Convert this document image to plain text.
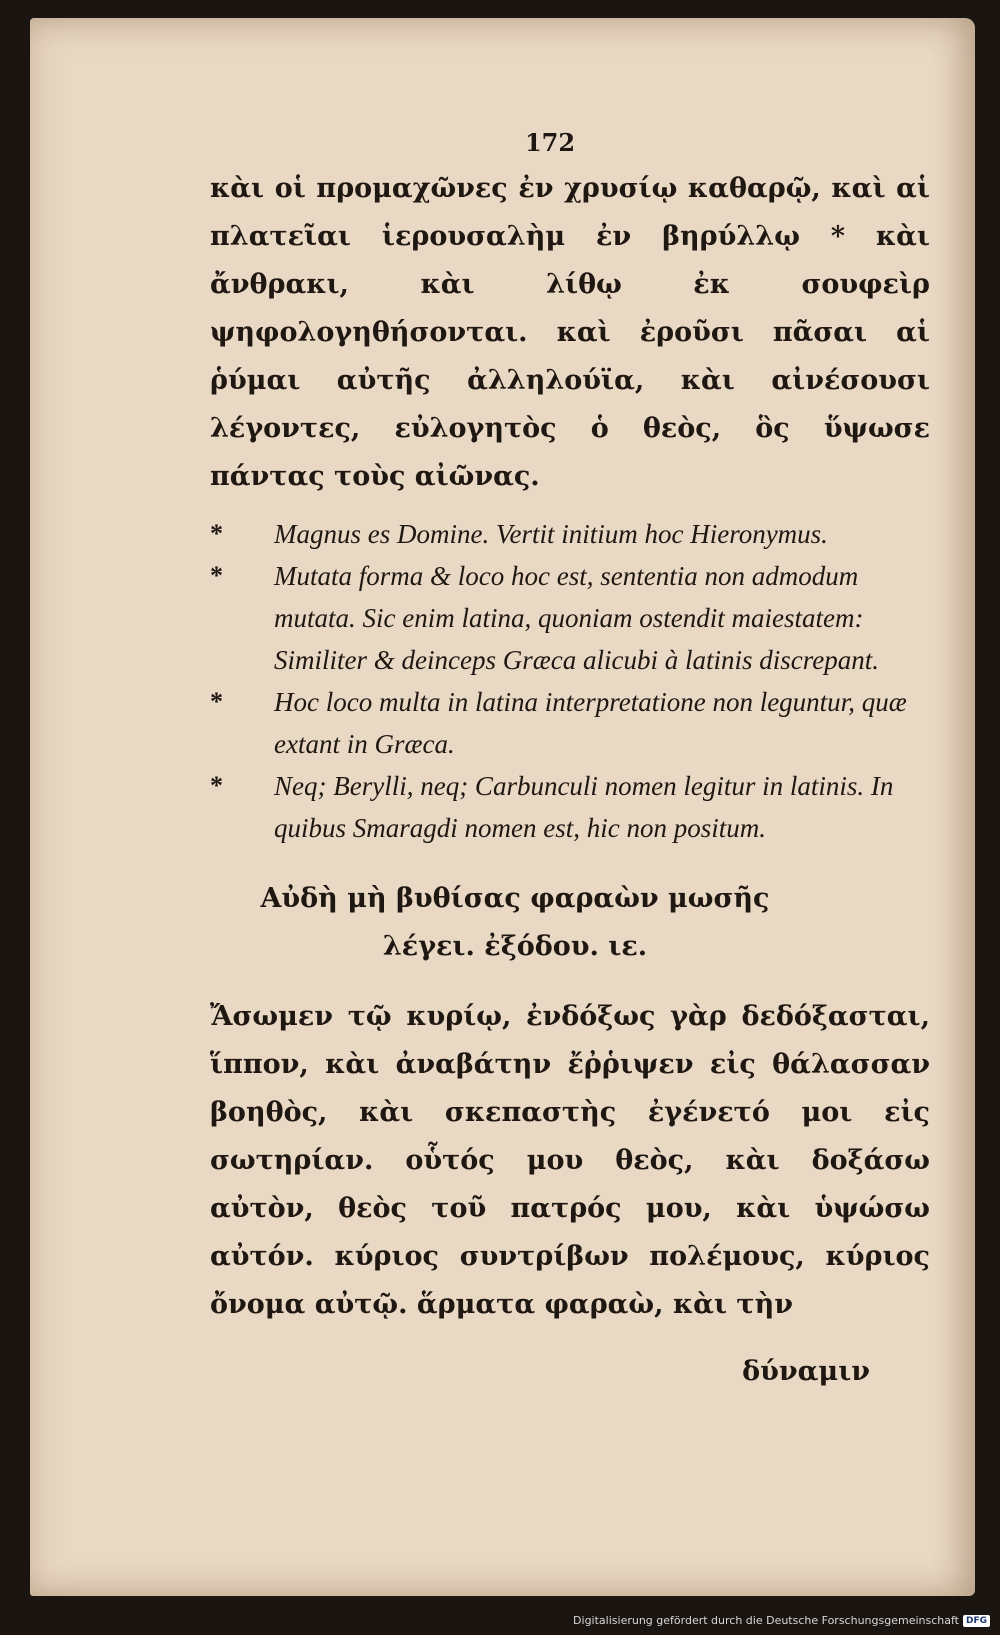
172

κὰι οἱ προμαχῶνες ἐν χρυσίῳ καθαρῷ, καὶ αἱ πλατεῖαι ἱερουσαλὴμ ἐν βηρύλλῳ * κὰι ἄνθρακι, κὰι λίθῳ ἐκ σουφεὶρ ψηφολογηθήσονται. καὶ ἐροῦσι πᾶσαι αἱ ῥύμαι αὐτῆς ἀλληλούϊα, κὰι αἰνέσουσι λέγοντες, εὐλογητὸς ὁ θεὸς, ὃς ὕψωσε πάντας τοὺς αἰῶνας.

* Magnus es Domine. Vertit initium hoc Hieronymus.

* Mutata forma & loco hoc est, sententia non admodum mutata. Sic enim latina, quoniam ostendit maiestatem: Similiter & deinceps Græca alicubi à latinis discrepant.

* Hoc loco multa in latina interpretatione non leguntur, quæ extant in Græca.

* Neq; Berylli, neq; Carbunculi nomen legitur in latinis. In quibus Smaragdi nomen est, hic non positum.

Αὐδὴ μὴ βυθίσας φαραὼν μωσῆς
λέγει. ἐξόδου. ιε.

Ἄσωμεν τῷ κυρίῳ, ἐνδόξως γὰρ δεδόξασται, ἵππον, κὰι ἀναβάτην ἔῤῥιψεν εἰς θάλασσαν βοηθὸς, κὰι σκεπαστὴς ἐγένετό μοι εἰς σωτηρίαν. οὗτός μου θεὸς, κὰι δοξάσω αὐτὸν, θεὸς τοῦ πατρός μου, κὰι ὑψώσω αὐτόν. κύριος συντρίβων πολέμους, κύριος ὄνομα αὐτῷ. ἅρματα φαραὼ, κὰι τὴν

δύναμιν
Digitalisierung gefördert durch die Deutsche Forschungsgemeinschaft DFG
